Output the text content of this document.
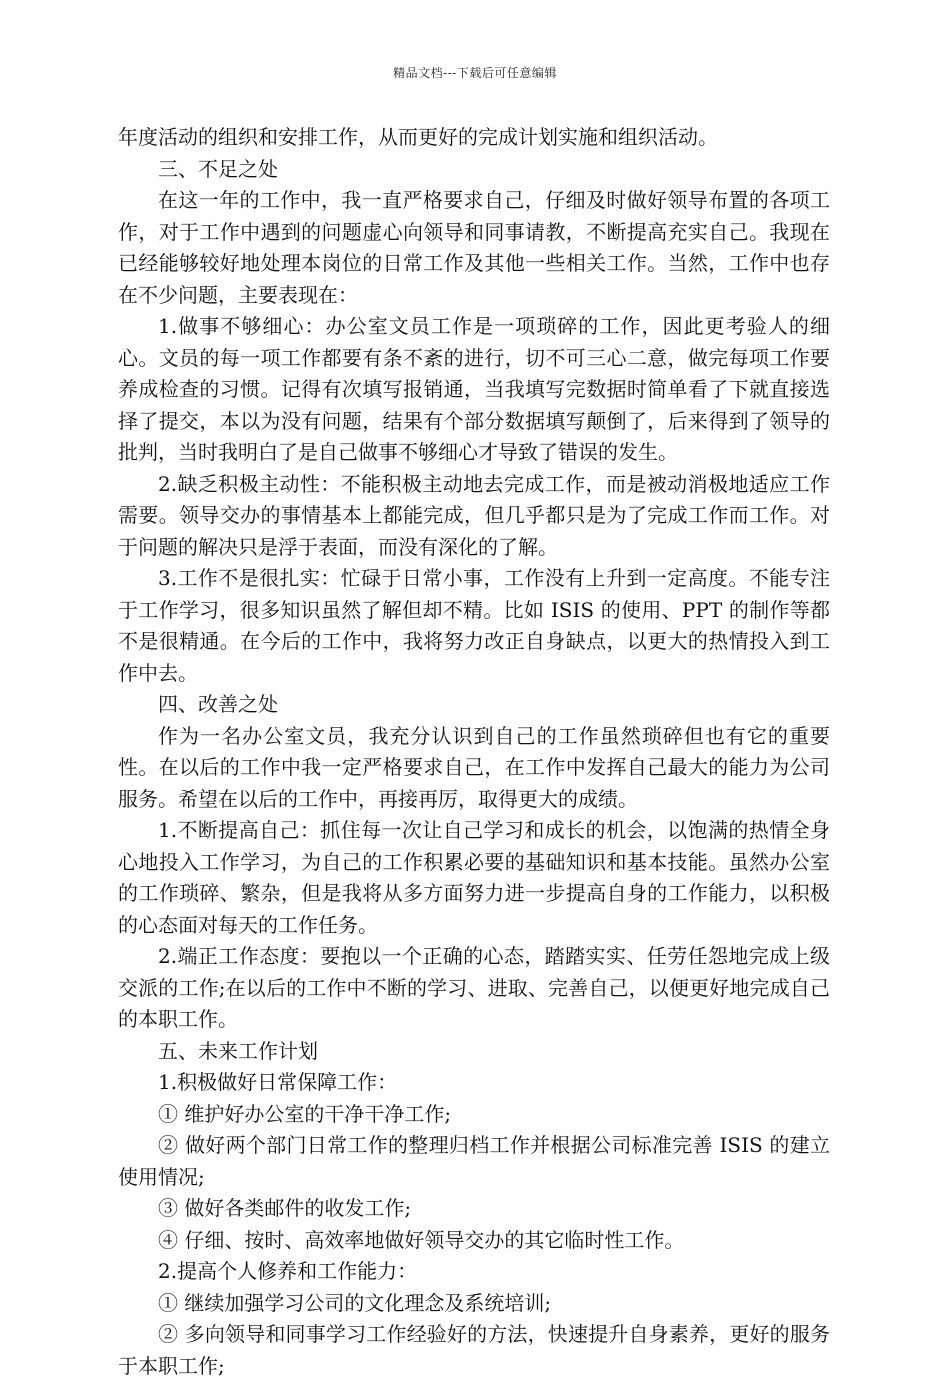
精品文档---下载后可任意编辑

年度活动的组织和安排工作，从而更好的完成计划实施和组织活动。

三、不足之处

在这一年的工作中，我一直严格要求自己，仔细及时做好领导布置的各项工作，对于工作中遇到的问题虚心向领导和同事请教，不断提高充实自己。我现在已经能够较好地处理本岗位的日常工作及其他一些相关工作。当然，工作中也存在不少问题，主要表现在：

1.做事不够细心：办公室文员工作是一项琐碎的工作，因此更考验人的细心。文员的每一项工作都要有条不紊的进行，切不可三心二意，做完每项工作要养成检查的习惯。记得有次填写报销通，当我填写完数据时简单看了下就直接选择了提交，本以为没有问题，结果有个部分数据填写颠倒了，后来得到了领导的批判，当时我明白了是自己做事不够细心才导致了错误的发生。

2.缺乏积极主动性：不能积极主动地去完成工作，而是被动消极地适应工作需要。领导交办的事情基本上都能完成，但几乎都只是为了完成工作而工作。对于问题的解决只是浮于表面，而没有深化的了解。

3.工作不是很扎实：忙碌于日常小事，工作没有上升到一定高度。不能专注于工作学习，很多知识虽然了解但却不精。比如 ISIS 的使用、PPT 的制作等都不是很精通。在今后的工作中，我将努力改正自身缺点，以更大的热情投入到工作中去。

四、改善之处

作为一名办公室文员，我充分认识到自己的工作虽然琐碎但也有它的重要性。在以后的工作中我一定严格要求自己，在工作中发挥自己最大的能力为公司服务。希望在以后的工作中，再接再厉，取得更大的成绩。

1.不断提高自己：抓住每一次让自己学习和成长的机会，以饱满的热情全身心地投入工作学习，为自己的工作积累必要的基础知识和基本技能。虽然办公室的工作琐碎、繁杂，但是我将从多方面努力进一步提高自身的工作能力，以积极的心态面对每天的工作任务。

2.端正工作态度：要抱以一个正确的心态，踏踏实实、任劳任怨地完成上级交派的工作;在以后的工作中不断的学习、进取、完善自己，以便更好地完成自己的本职工作。

五、未来工作计划

1.积极做好日常保障工作：

① 维护好办公室的干净干净工作;

② 做好两个部门日常工作的整理归档工作并根据公司标准完善 ISIS 的建立使用情况;

③ 做好各类邮件的收发工作;

④ 仔细、按时、高效率地做好领导交办的其它临时性工作。

2.提高个人修养和工作能力：

① 继续加强学习公司的文化理念及系统培训;

② 多向领导和同事学习工作经验好的方法，快速提升自身素养，更好的服务于本职工作;
